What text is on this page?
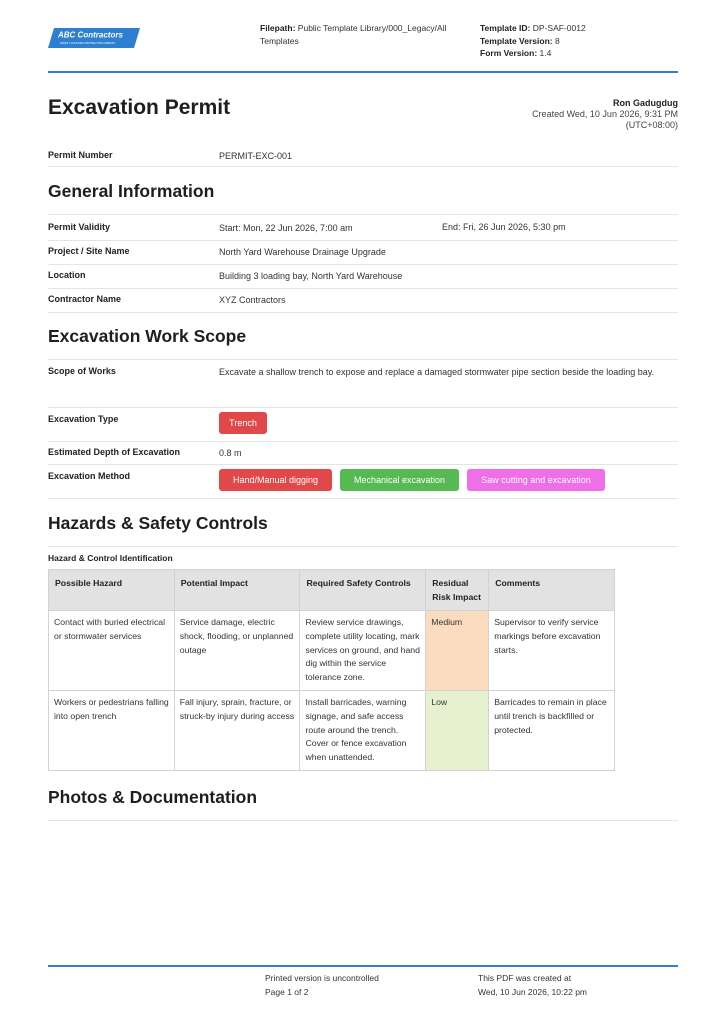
ABC Contractors
SAFETY CULTURE CONTRACTOR COMPANY
Filepath: Public Template Library/000_Legacy/All Templates
Template ID: DP-SAF-0012
Template Version: 8
Form Version: 1.4
Excavation Permit	Ron Gadugdug
Created Wed, 10 Jun 2026, 9:31 PM
(UTC+08:00)
Permit Number	PERMIT-EXC-001
General Information
Permit Validity	Start: Mon, 22 Jun 2026, 7:00 am	End: Fri, 26 Jun 2026, 5:30 pm
Project / Site Name	North Yard Warehouse Drainage Upgrade
Location	Building 3 loading bay, North Yard Warehouse
Contractor Name	XYZ Contractors
Excavation Work Scope
Scope of Works	Excavate a shallow trench to expose and replace a damaged stormwater pipe section beside the loading bay.
Excavation Type	Trench
Estimated Depth of Excavation	0.8 m
Excavation Method	Hand/Manual digging	Mechanical excavation	Saw cutting and excavation
Hazards & Safety Controls
Hazard & Control Identification
Possible Hazard	Potential Impact	Required Safety Controls	Residual Risk Impact	Comments
Contact with buried electrical or stormwater services	Service damage, electric shock, flooding, or unplanned outage	Review service drawings, complete utility locating, mark services on ground, and hand dig within the service tolerance zone.	Medium	Supervisor to verify service markings before excavation starts.
Workers or pedestrians falling into open trench	Fall injury, sprain, fracture, or struck-by injury during access	Install barricades, warning signage, and safe access route around the trench. Cover or fence excavation when unattended.	Low	Barricades to remain in place until trench is backfilled or protected.
Photos & Documentation
Printed version is uncontrolled
Page 1 of 2
This PDF was created at
Wed, 10 Jun 2026, 10:22 pm
